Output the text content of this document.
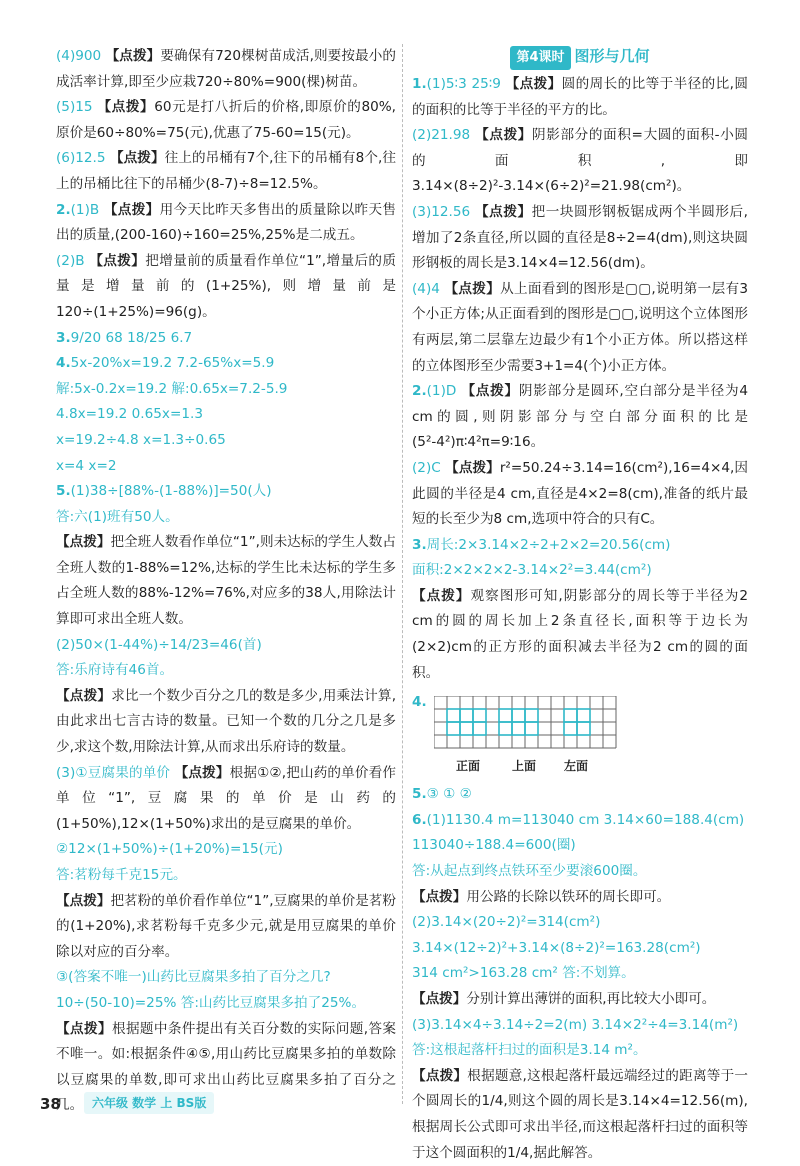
(4)900 【点拨】要确保有720棵树苗成活,则要按最小的成活率计算,即至少应栽720÷80%=900(棵)树苗。

(5)15 【点拨】60元是打八折后的价格,即原价的80%,原价是60÷80%=75(元),优惠了75-60=15(元)。

(6)12.5 【点拨】往上的吊桶有7个,往下的吊桶有8个,往上的吊桶比往下的吊桶少(8-7)÷8=12.5%。

2.(1)B 【点拨】用今天比昨天多售出的质量除以昨天售出的质量,(200-160)÷160=25%,25%是二成五。

(2)B 【点拨】把增量前的质量看作单位“1”,增量后的质量是增量前的(1+25%),则增量前是120÷(1+25%)=96(g)。

3.9/20 68 18/25 6.7

4.5x-20%x=19.2 7.2-65%x=5.9

解:5x-0.2x=19.2 解:0.65x=7.2-5.9

4.8x=19.2 0.65x=1.3

x=19.2÷4.8 x=1.3÷0.65

x=4 x=2

5.(1)38÷[88%-(1-88%)]=50(人)

答:六(1)班有50人。

【点拨】把全班人数看作单位“1”,则未达标的学生人数占全班人数的1-88%=12%,达标的学生比未达标的学生多占全班人数的88%-12%=76%,对应多的38人,用除法计算即可求出全班人数。

(2)50×(1-44%)÷14/23=46(首)

答:乐府诗有46首。

【点拨】求比一个数少百分之几的数是多少,用乘法计算,由此求出七言古诗的数量。已知一个数的几分之几是多少,求这个数,用除法计算,从而求出乐府诗的数量。

(3)①豆腐果的单价 【点拨】根据①②,把山药的单价看作单位“1”,豆腐果的单价是山药的(1+50%),12×(1+50%)求出的是豆腐果的单价。

②12×(1+50%)÷(1+20%)=15(元)

答:茗粉每千克15元。

【点拨】把茗粉的单价看作单位“1”,豆腐果的单价是茗粉的(1+20%),求茗粉每千克多少元,就是用豆腐果的单价除以对应的百分率。

③(答案不唯一)山药比豆腐果多拍了百分之几?

10÷(50-10)=25% 答:山药比豆腐果多拍了25%。

【点拨】根据题中条件提出有关百分数的实际问题,答案不唯一。如:根据条件④⑤,用山药比豆腐果多拍的单数除以豆腐果的单数,即可求出山药比豆腐果多拍了百分之几。

第4课时 图形与几何

1.(1)5∶3 25∶9 【点拨】圆的周长的比等于半径的比,圆的面积的比等于半径的平方的比。

(2)21.98 【点拨】阴影部分的面积=大圆的面积-小圆的面积,即3.14×(8÷2)²-3.14×(6÷2)²=21.98(cm²)。

(3)12.56 【点拨】把一块圆形钢板锯成两个半圆形后,增加了2条直径,所以圆的直径是8÷2=4(dm),则这块圆形钢板的周长是3.14×4=12.56(dm)。

(4)4 【点拨】从上面看到的图形是▢▢,说明第一层有3个小正方体;从正面看到的图形是▢▢,说明这个立体图形有两层,第二层靠左边最少有1个小正方体。所以搭这样的立体图形至少需要3+1=4(个)小正方体。

2.(1)D 【点拨】阴影部分是圆环,空白部分是半径为4 cm的圆,则阴影部分与空白部分面积的比是(5²-4²)π∶4²π=9∶16。

(2)C 【点拨】r²=50.24÷3.14=16(cm²),16=4×4,因此圆的半径是4 cm,直径是4×2=8(cm),准备的纸片最短的长至少为8 cm,选项中符合的只有C。

3.周长:2×3.14×2÷2+2×2=20.56(cm)

面积:2×2×2×2-3.14×2²=3.44(cm²)

【点拨】观察图形可知,阴影部分的周长等于半径为2 cm的圆的周长加上2条直径长,面积等于边长为(2×2)cm的正方形的面积减去半径为2 cm的圆的面积。

4.
正面	上面 左面

5.③ ① ②

6.(1)1130.4 m=113040 cm 3.14×60=188.4(cm)

113040÷188.4=600(圈)

答:从起点到终点铁环至少要滚600圈。

【点拨】用公路的长除以铁环的周长即可。

(2)3.14×(20÷2)²=314(cm²)

3.14×(12÷2)²+3.14×(8÷2)²=163.28(cm²)

314 cm²>163.28 cm² 答:不划算。

【点拨】分别计算出薄饼的面积,再比较大小即可。

(3)3.14×4÷3.14÷2=2(m) 3.14×2²÷4=3.14(m²)

答:这根起落杆扫过的面积是3.14 m²。

【点拨】根据题意,这根起落杆最远端经过的距离等于一个圆周长的1/4,则这个圆的周长是3.14×4=12.56(m),根据周长公式即可求出半径,而这根起落杆扫过的面积等于这个圆面积的1/4,据此解答。

38	六年级 数学 上 BS版
